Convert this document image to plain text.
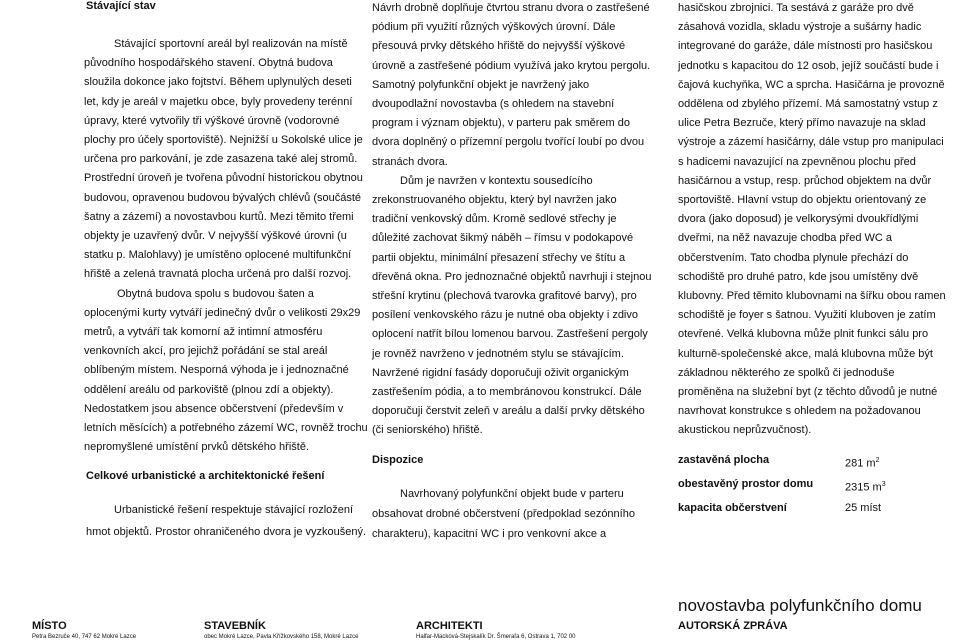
Stávající stav
Stávající sportovní areál byl realizován na místě
původního hospodářského stavení. Obytná budova
sloužila dokonce jako fojtství. Během uplynulých deseti
let, kdy je areál v majetku obce, byly provedeny terénní
úpravy, které vytvořily tři výškové úrovně (vodorovné
plochy pro účely sportoviště). Nejnižší u Sokolské ulice je
určena pro parkování, je zde zasazena také alej stromů.
Prostřední úroveň je tvořena původní historickou obytnou
budovou, opravenou budovou bývalých chlévů (součásté
šatny a zázemí) a novostavbou kurtů. Mezi těmito třemi
objekty je uzavřený dvůr. V nejvyšší výškové úrovni (u
statku p. Malohlavy) je umístěno oplocené multifunkční
hřiště a zelená travnatá plocha určená pro další rozvoj.
Obytná budova spolu s budovou šaten a
oplocenými kurty vytváří jedinečný dvůr o velikosti 29x29
metrů, a vytváří tak komorní až intimní atmosféru
venkovních akcí, pro jejichž pořádání se stal areál
oblíbeným místem. Nesporná výhoda je i jednoznačné
oddělení areálu od parkoviště (plnou zdí a objekty).
Nedostatkem jsou absence občerstvení (především v
letních měsících) a potřebného zázemí WC, rovněž trochu
nepromyšlené umístění prvků dětského hřiště.
Celkové urbanistické a architektonické řešení
Urbanistické řešení respektuje stávající rozložení
hmot objektů. Prostor ohraničeného dvora je vyzkoušený.
Návrh drobně doplňuje čtvrtou stranu dvora o zastřešené
pódium při využití různých výškových úrovní. Dále
přesouvá prvky dětského hřiště do nejvyšší výškové
úrovně a zastřešené pódium využívá jako krytou pergolu.
Samotný polyfunkční objekt je navržený jako
dvoupodlažní novostavba (s ohledem na stavební
program i význam objektu), v parteru pak směrem do
dvora doplněný o přízemní pergolu tvořící loubí po dvou
stranách dvora.
Dům je navržen v kontextu sousedícího
zrekonstruovaného objektu, který byl navržen jako
tradiční venkovský dům. Kromě sedlové střechy je
důležité zachovat šikmý náběh – římsu v podokapové
partii objektu, minimální přesazení střechy ve štítu a
dřevěná okna. Pro jednoznačné objektů navrhuji i stejnou
střešní krytinu (plechová tvarovka grafitové barvy), pro
posílení venkovského rázu je nutné oba objekty i zdivo
oplocení natřít bílou lomenou barvou. Zastřešení pergoly
je rovněž navrženo v jednotném stylu se stávajícím.
Navržené rigidní fasády doporučuji oživit organickým
zastřešením pódia, a to membránovou konstrukcí. Dále
doporučuji čerstvit zeleň v areálu a další prvky dětského
(či seniorského) hřiště.
Dispozice
Navrhovaný polyfunkční objekt bude v parteru
obsahovat drobné občerstvení (předpoklad sezónního
charakteru), kapacitní WC i pro venkovní akce a
hasičskou zbrojnici. Ta sestává z garáže pro dvě
zásahová vozidla, skladu výstroje a sušárny hadic
integrované do garáže, dále místnosti pro hasičskou
jednotku s kapacitou do 12 osob, jejíž součástí bude i
čajová kuchyňka, WC a sprcha. Hasičárna je provozně
oddělena od zbylého přízemí. Má samostatný vstup z
ulice Petra Bezruče, který přímo navazuje na sklad
výstroje a zázemí hasičárny, dále vstup pro manipulaci
s hadicemi navazující na zpevněnou plochu před
hasičárnou a vstup, resp. průchod objektem na dvůr
sportoviště. Hlavní vstup do objektu orientovaný ze
dvora (jako doposud) je velkorysými dvoukřídlými
dveřmi, na něž navazuje chodba před WC a
občerstvením. Tato chodba plynule přechází do
schodiště pro druhé patro, kde jsou umístěny dvě
klubovny. Před těmito klubovnami na šířku obou ramen
schodiště je foyer s šatnou. Využití kluboven je zatím
otevřené. Velká klubovna může plnit funkci sálu pro
kulturně-společenské akce, malá klubovna může být
základnou některého ze spolků či jednoduše
proměněna na služební byt (z těchto důvodů je nutné
navrhovat konstrukce s ohledem na požadovanou
akustickou neprůzvučnost).
zastavěná plocha	281 $m^2$
obestavěný prostor domu	2315 $m^3$
kapacita občerstvení	25 míst
MÍSTO
Petra Bezruče 40, 747 62 Mokré Lazce
STAVEBNÍK
obec Mokré Lazce, Pavla Křížkovského 158, Mokré Lazce
ARCHITEKTI
Halfar-Macková-Stejskalík Dr. Šmeraľa 6, Ostrava 1, 702 00
novostavba polyfunkčního domu
AUTORSKÁ ZPRÁVA
